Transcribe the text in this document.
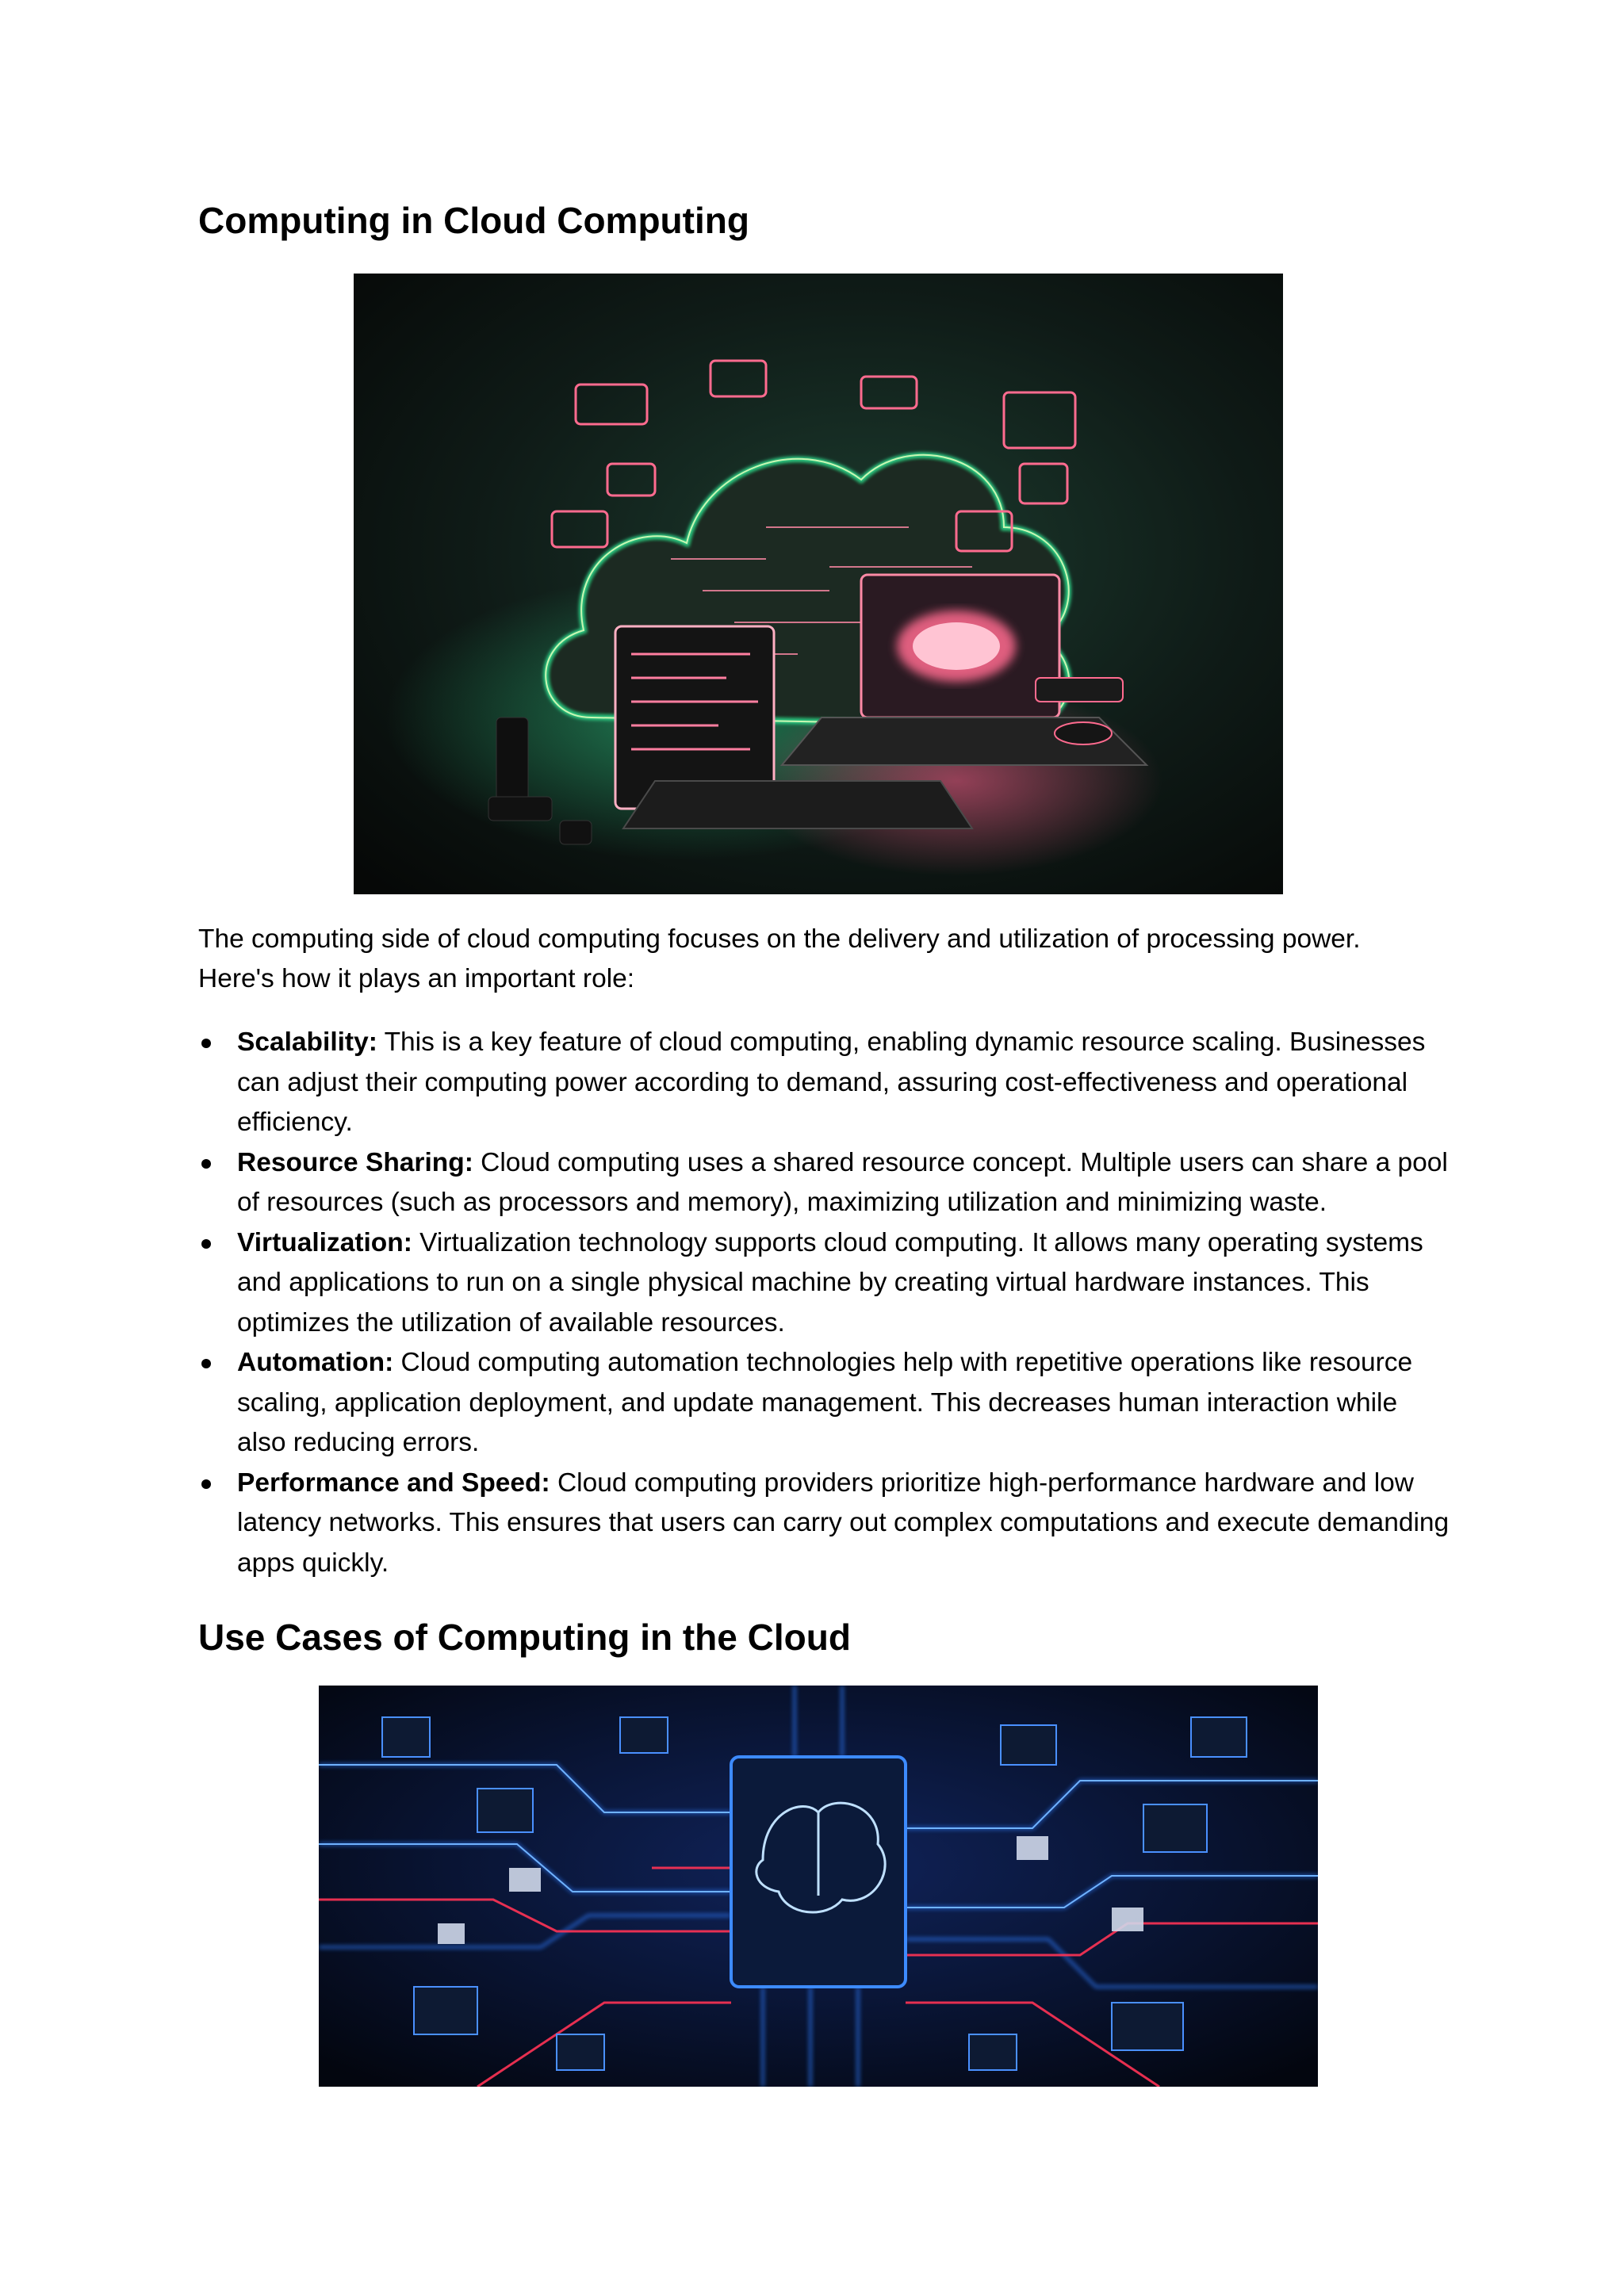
Computing in Cloud Computing

The computing side of cloud computing focuses on the delivery and utilization of processing power. Here's how it plays an important role:

Scalability: This is a key feature of cloud computing, enabling dynamic resource scaling. Businesses can adjust their computing power according to demand, assuring cost-effectiveness and operational efficiency.
Resource Sharing: Cloud computing uses a shared resource concept. Multiple users can share a pool of resources (such as processors and memory), maximizing utilization and minimizing waste.
Virtualization: Virtualization technology supports cloud computing. It allows many operating systems and applications to run on a single physical machine by creating virtual hardware instances. This optimizes the utilization of available resources.
Automation: Cloud computing automation technologies help with repetitive operations like resource scaling, application deployment, and update management. This decreases human interaction while also reducing errors.
Performance and Speed: Cloud computing providers prioritize high-performance hardware and low latency networks. This ensures that users can carry out complex computations and execute demanding apps quickly.
Use Cases of Computing in the Cloud
